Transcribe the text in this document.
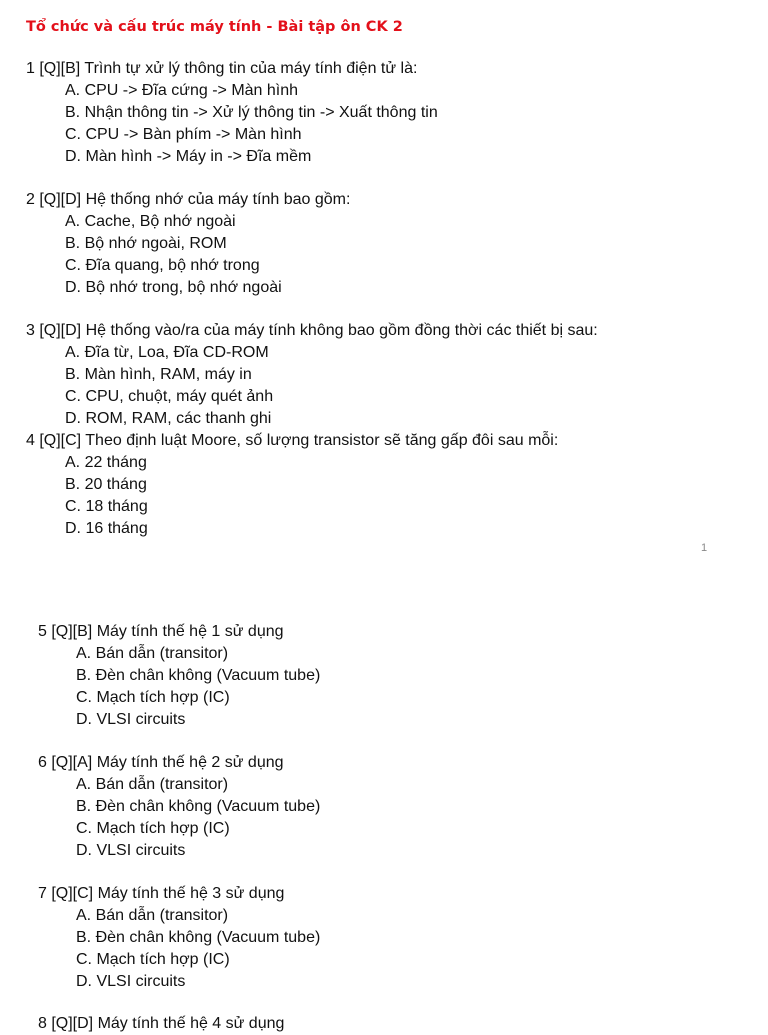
Tổ chức và cấu trúc máy tính - Bài tập ôn CK 2
1 [Q][B] Trình tự xử lý thông tin của máy tính điện tử là:
A. CPU -> Đĩa cứng -> Màn hình
B. Nhận thông tin -> Xử lý thông tin -> Xuất thông tin
C. CPU -> Bàn phím -> Màn hình
D. Màn hình -> Máy in -> Đĩa mềm
2 [Q][D] Hệ thống nhớ của máy tính bao gồm:
A. Cache, Bộ nhớ ngoài
B. Bộ nhớ ngoài, ROM
C. Đĩa quang, bộ nhớ trong
D. Bộ nhớ trong, bộ nhớ ngoài
3 [Q][D] Hệ thống vào/ra của máy tính không bao gồm đồng thời các thiết bị sau:
A. Đĩa từ, Loa, Đĩa CD-ROM
B. Màn hình, RAM, máy in
C. CPU, chuột, máy quét ảnh
D. ROM, RAM, các thanh ghi
4 [Q][C] Theo định luật Moore, số lượng transistor sẽ tăng gấp đôi sau mỗi:
A. 22 tháng
B. 20 tháng
C. 18 tháng
D. 16 tháng
1
5 [Q][B] Máy tính thế hệ 1 sử dụng
A. Bán dẫn (transitor)
B. Đèn chân không (Vacuum tube)
C. Mạch tích hợp (IC)
D. VLSI circuits
6 [Q][A] Máy tính thế hệ 2 sử dụng
A. Bán dẫn (transitor)
B. Đèn chân không (Vacuum tube)
C. Mạch tích hợp (IC)
D. VLSI circuits
7 [Q][C] Máy tính thế hệ 3 sử dụng
A. Bán dẫn (transitor)
B. Đèn chân không (Vacuum tube)
C. Mạch tích hợp (IC)
D. VLSI circuits
8 [Q][D] Máy tính thế hệ 4 sử dụng
